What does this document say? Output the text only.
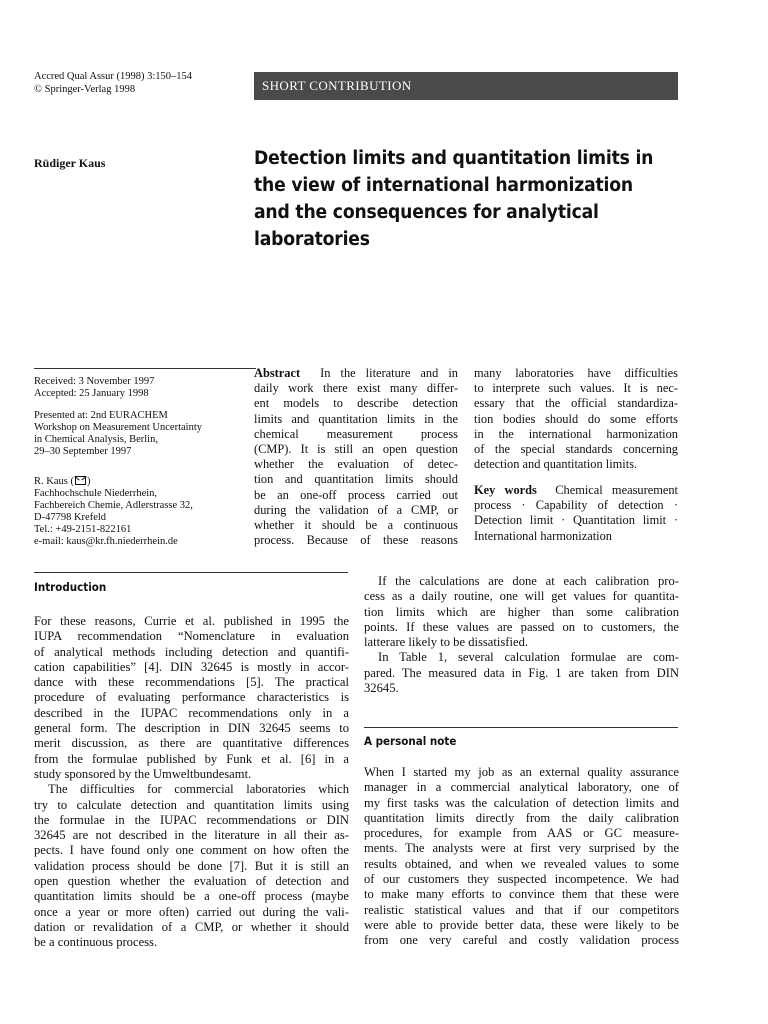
Accred Qual Assur (1998) 3:150–154
© Springer-Verlag 1998	SHORT CONTRIBUTION
Rüdiger Kaus	Detection limits and quantitation limits in
the view of international harmonization
and the consequences for analytical
laboratories
Received: 3 November 1997
Accepted: 25 January 1998
Presented at: 2nd EURACHEM
Workshop on Measurement Uncertainty
in Chemical Analysis, Berlin,
29–30 September 1997
R. Kaus ( )
Fachhochschule Niederrhein,
Fachbereich Chemie, Adlerstrasse 32,
D-47798 Krefeld
Tel.: +49-2151-822161
e-mail: kaus@kr.fh.niederrhein.de
Abstract In the literature and in
daily work there exist many differ-
ent models to describe detection
limits and quantitation limits in the
chemical measurement process
(CMP). It is still an open question
whether the evaluation of detec-
tion and quantitation limits should
be an one-off process carried out
during the validation of a CMP, or
whether it should be a continuous
process. Because of these reasons
many laboratories have difficulties
to interprete such values. It is nec-
essary that the official standardiza-
tion bodies should do some efforts
in the international harmonization
of the special standards concerning
detection and quantitation limits.
Key words Chemical measurement
process · Capability of detection ·
Detection limit · Quantitation limit ·
International harmonization
Introduction
For these reasons, Currie et al. published in 1995 the
IUPA recommendation “Nomenclature in evaluation
of analytical methods including detection and quantifi-
cation capabilities” [4]. DIN 32645 is mostly in accor-
dance with these recommendations [5]. The practical
procedure of evaluating performance characteristics is
described in the IUPAC recommendations only in a
general form. The description in DIN 32645 seems to
merit discussion, as there are quantitative differences
from the formulae published by Funk et al. [6] in a
study sponsored by the Umweltbundesamt.
The difficulties for commercial laboratories which
try to calculate detection and quantitation limits using
the formulae in the IUPAC recommendations or DIN
32645 are not described in the literature in all their as-
pects. I have found only one comment on how often the
validation process should be done [7]. But it is still an
open question whether the evaluation of detection and
quantitation limits should be a one-off process (maybe
once a year or more often) carried out during the vali-
dation or revalidation of a CMP, or whether it should
be a continuous process.
If the calculations are done at each calibration pro-
cess as a daily routine, one will get values for quantita-
tion limits which are higher than some calibration
points. If these values are passed on to customers, the
latterare likely to be dissatisfied.
In Table 1, several calculation formulae are com-
pared. The measured data in Fig. 1 are taken from DIN
32645.
A personal note
When I started my job as an external quality assurance
manager in a commercial analytical laboratory, one of
my first tasks was the calculation of detection limits and
quantitation limits directly from the daily calibration
procedures, for example from AAS or GC measure-
ments. The analysts were at first very surprised by the
results obtained, and when we revealed values to some
of our customers they suspected incompetence. We had
to make many efforts to convince them that these were
realistic statistical values and that if our competitors
were able to provide better data, these were likely to be
from one very careful and costly validation process
